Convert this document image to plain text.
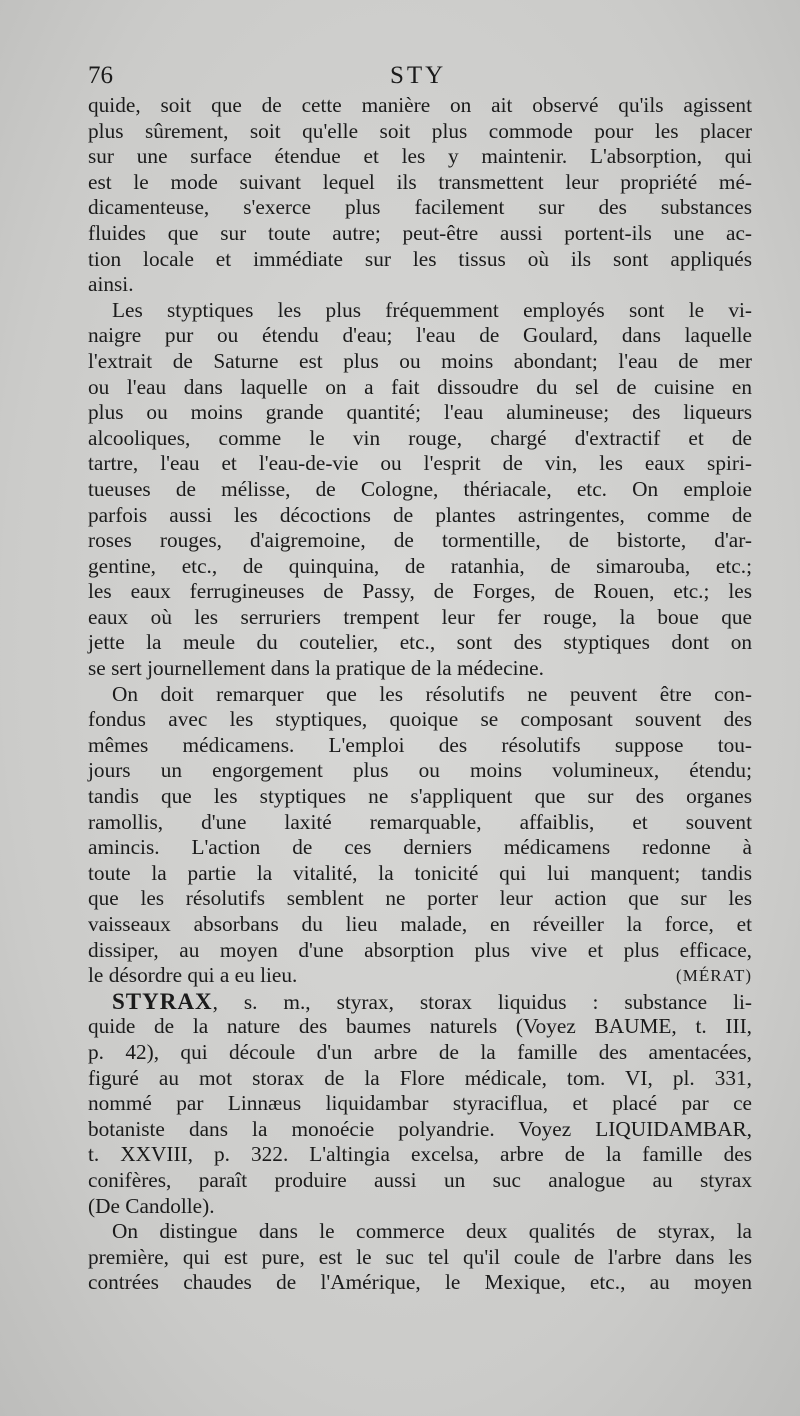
76	STY
quide, soit que de cette manière on ait observé qu'ils agissent
plus sûrement, soit qu'elle soit plus commode pour les placer
sur une surface étendue et les y maintenir. L'absorption, qui
est le mode suivant lequel ils transmettent leur propriété mé-
dicamenteuse, s'exerce plus facilement sur des substances
fluides que sur toute autre; peut-être aussi portent-ils une ac-
tion locale et immédiate sur les tissus où ils sont appliqués
ainsi.
Les styptiques les plus fréquemment employés sont le vi-
naigre pur ou étendu d'eau; l'eau de Goulard, dans laquelle
l'extrait de Saturne est plus ou moins abondant; l'eau de mer
ou l'eau dans laquelle on a fait dissoudre du sel de cuisine en
plus ou moins grande quantité; l'eau alumineuse; des liqueurs
alcooliques, comme le vin rouge, chargé d'extractif et de
tartre, l'eau et l'eau-de-vie ou l'esprit de vin, les eaux spiri-
tueuses de mélisse, de Cologne, thériacale, etc. On emploie
parfois aussi les décoctions de plantes astringentes, comme de
roses rouges, d'aigremoine, de tormentille, de bistorte, d'ar-
gentine, etc., de quinquina, de ratanhia, de simarouba, etc.;
les eaux ferrugineuses de Passy, de Forges, de Rouen, etc.; les
eaux où les serruriers trempent leur fer rouge, la boue que
jette la meule du coutelier, etc., sont des styptiques dont on
se sert journellement dans la pratique de la médecine.
On doit remarquer que les résolutifs ne peuvent être con-
fondus avec les styptiques, quoique se composant souvent des
mêmes médicamens. L'emploi des résolutifs suppose tou-
jours un engorgement plus ou moins volumineux, étendu;
tandis que les styptiques ne s'appliquent que sur des organes
ramollis, d'une laxité remarquable, affaiblis, et souvent
amincis. L'action de ces derniers médicamens redonne à
toute la partie la vitalité, la tonicité qui lui manquent; tandis
que les résolutifs semblent ne porter leur action que sur les
vaisseaux absorbans du lieu malade, en réveiller la force, et
dissiper, au moyen d'une absorption plus vive et plus efficace,
le désordre qui a eu lieu.	(MÉRAT)
STYRAX, s. m., styrax, storax liquidus : substance li-
quide de la nature des baumes naturels (Voyez BAUME, t. III,
p. 42), qui découle d'un arbre de la famille des amentacées,
figuré au mot storax de la Flore médicale, tom. VI, pl. 331,
nommé par Linnæus liquidambar styraciflua, et placé par ce
botaniste dans la monoécie polyandrie. Voyez LIQUIDAMBAR,
t. XXVIII, p. 322. L'altingia excelsa, arbre de la famille des
conifères, paraît produire aussi un suc analogue au styrax
(De Candolle).
On distingue dans le commerce deux qualités de styrax, la
première, qui est pure, est le suc tel qu'il coule de l'arbre dans les
contrées chaudes de l'Amérique, le Mexique, etc., au moyen
